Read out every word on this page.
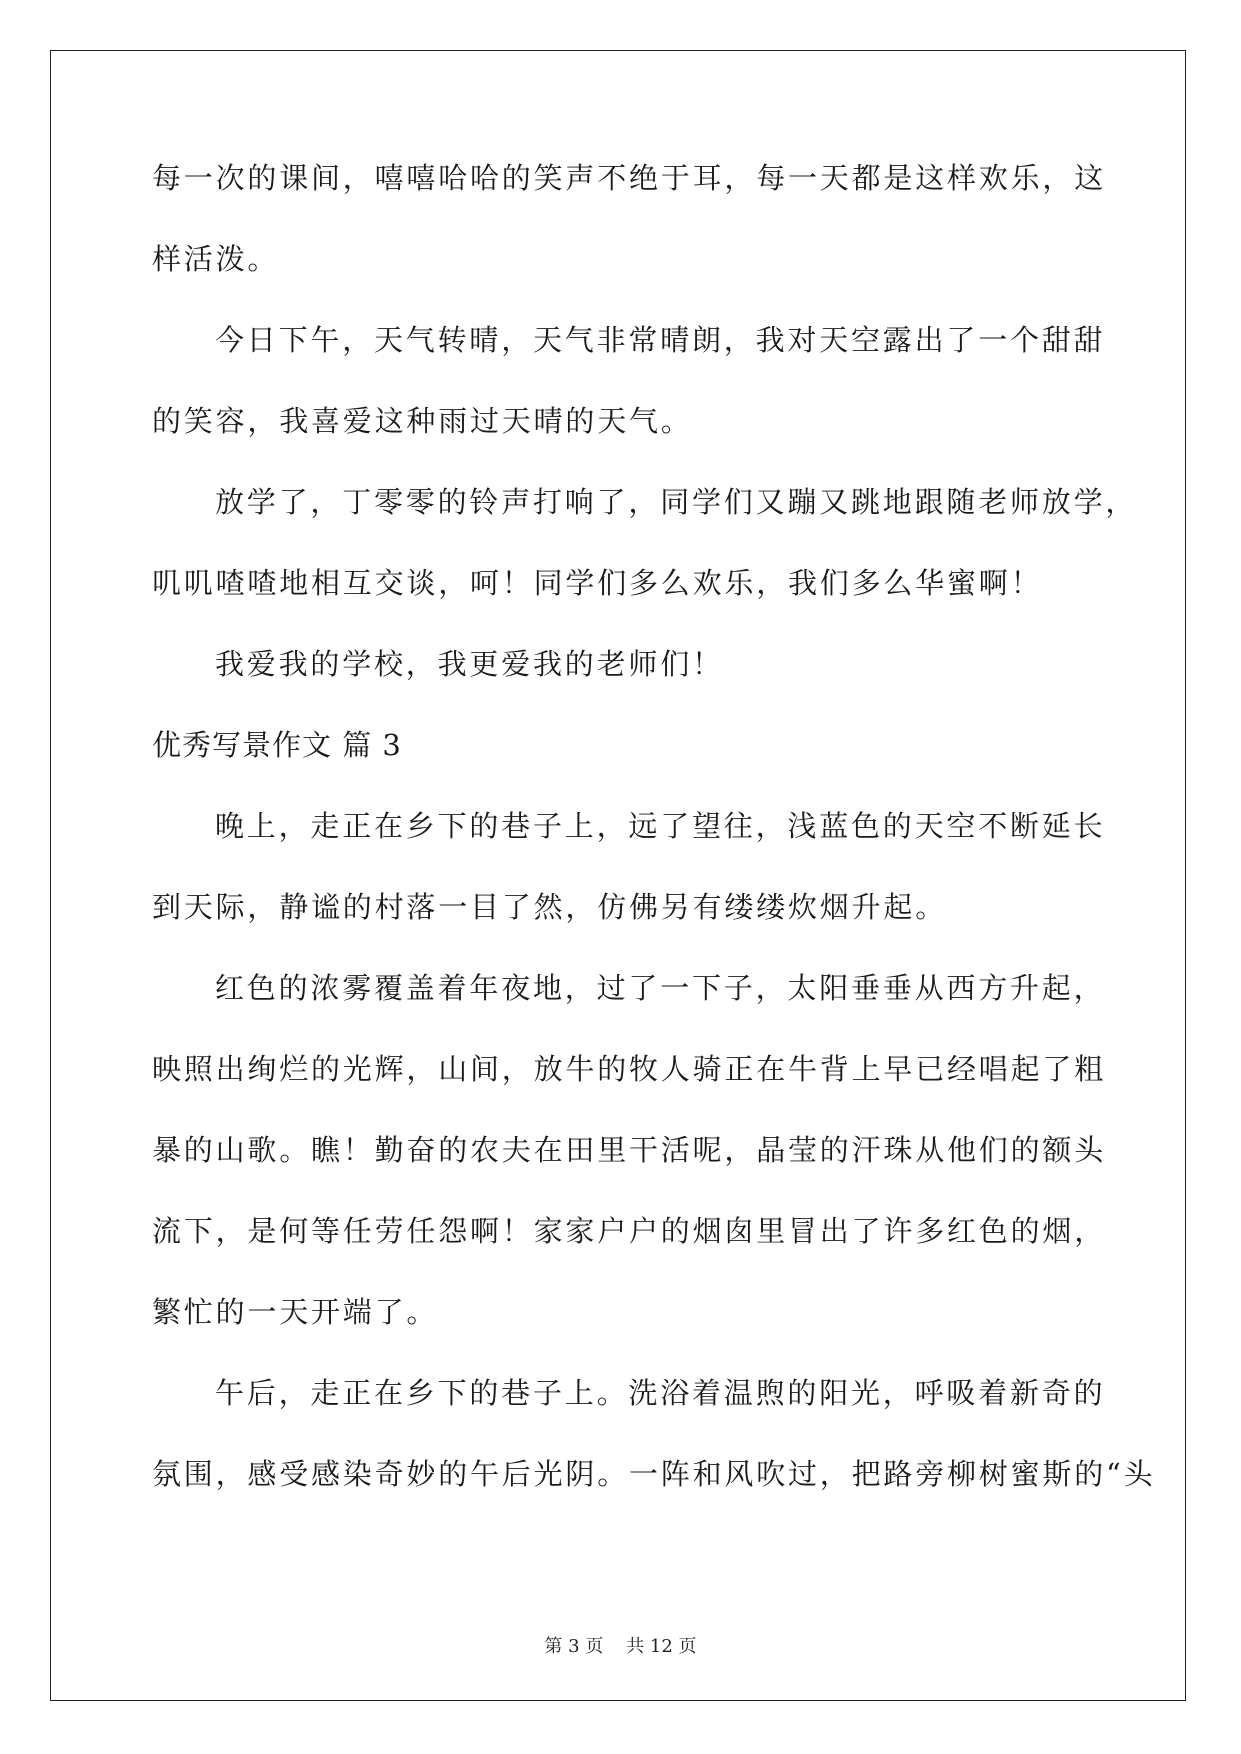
每一次的课间，嘻嘻哈哈的笑声不绝于耳，每一天都是这样欢乐，这
样活泼。
今日下午，天气转晴，天气非常晴朗，我对天空露出了一个甜甜
的笑容，我喜爱这种雨过天晴的天气。
放学了，丁零零的铃声打响了，同学们又蹦又跳地跟随老师放学，
叽叽喳喳地相互交谈，呵！同学们多么欢乐，我们多么华蜜啊！
我爱我的学校，我更爱我的老师们！
优秀写景作文 篇 3
晚上，走正在乡下的巷子上，远了望往，浅蓝色的天空不断延长
到天际，静谧的村落一目了然，仿佛另有缕缕炊烟升起。
红色的浓雾覆盖着年夜地，过了一下子，太阳垂垂从西方升起，
映照出绚烂的光辉，山间，放牛的牧人骑正在牛背上早已经唱起了粗
暴的山歌。瞧！勤奋的农夫在田里干活呢，晶莹的汗珠从他们的额头
流下，是何等任劳任怨啊！家家户户的烟囱里冒出了许多红色的烟，
繁忙的一天开端了。
午后，走正在乡下的巷子上。洗浴着温煦的阳光，呼吸着新奇的
氛围，感受感染奇妙的午后光阴。一阵和风吹过，把路旁柳树蜜斯的“头
第 3 页    共 12 页
